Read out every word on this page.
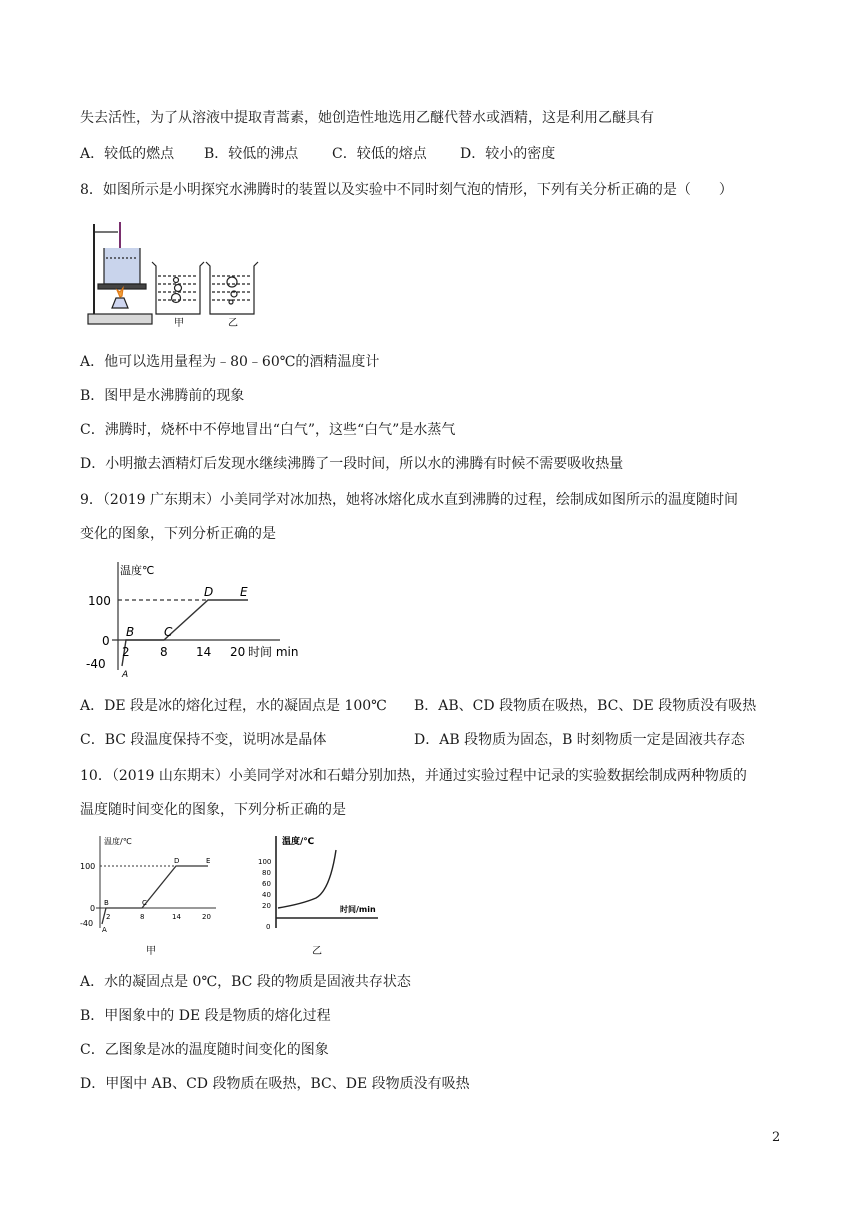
失去活性，为了从溶液中提取青蒿素，她创造性地选用乙醚代替水或酒精，这是利用乙醚具有
A．较低的燃点 B．较低的沸点 C．较低的熔点 D．较小的密度
8．如图所示是小明探究水沸腾时的装置以及实验中不同时刻气泡的情形，下列有关分析正确的是（　　）
甲	乙
A．他可以选用量程为﹣80﹣60℃的酒精温度计
B．图甲是水沸腾前的现象
C．沸腾时，烧杯中不停地冒出“白气”，这些“白气”是水蒸气
D．小明撤去酒精灯后发现水继续沸腾了一段时间，所以水的沸腾有时候不需要吸收热量
9．（2019 广东期末）小美同学对冰加热，她将冰熔化成水直到沸腾的过程，绘制成如图所示的温度随时间
变化的图象，下列分析正确的是
温度℃
100
0
-40
2	8 14 20 时间 min
B C
D E
A
A．DE 段是冰的熔化过程，水的凝固点是 100℃ B．AB、CD 段物质在吸热，BC、DE 段物质没有吸热
C．BC 段温度保持不变，说明冰是晶体	D．AB 段物质为固态，B 时刻物质一定是固液共存态
10．（2019 山东期末）小美同学对冰和石蜡分别加热，并通过实验过程中记录的实验数据绘制成两种物质的
温度随时间变化的图象，下列分析正确的是
温度/℃
100
0
-40
2	8	14	20
A
B	C
D	E
甲
温度/℃
100
80
60
40
20
0
时间/min
乙
A．水的凝固点是 0℃，BC 段的物质是固液共存状态
B．甲图象中的 DE 段是物质的熔化过程
C．乙图象是冰的温度随时间变化的图象
D．甲图中 AB、CD 段物质在吸热，BC、DE 段物质没有吸热
2
